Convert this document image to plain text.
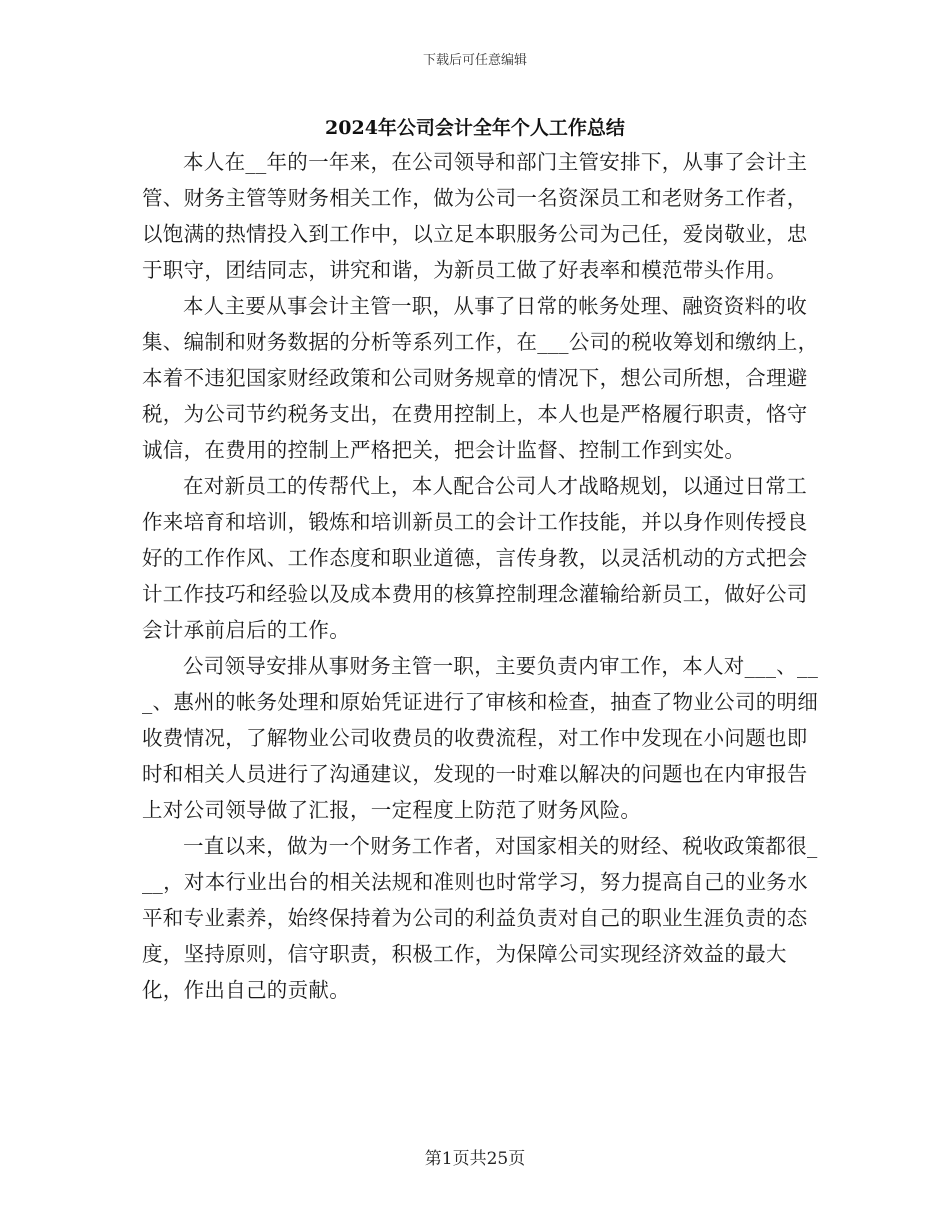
下载后可任意编辑
2024年公司会计全年个人工作总结

本人在__年的一年来，在公司领导和部门主管安排下，从事了会计主管、财务主管等财务相关工作，做为公司一名资深员工和老财务工作者，以饱满的热情投入到工作中，以立足本职服务公司为己任，爱岗敬业，忠于职守，团结同志，讲究和谐，为新员工做了好表率和模范带头作用。

本人主要从事会计主管一职，从事了日常的帐务处理、融资资料的收集、编制和财务数据的分析等系列工作，在___公司的税收筹划和缴纳上，本着不违犯国家财经政策和公司财务规章的情况下，想公司所想，合理避税，为公司节约税务支出，在费用控制上，本人也是严格履行职责，恪守诚信，在费用的控制上严格把关，把会计监督、控制工作到实处。

在对新员工的传帮代上，本人配合公司人才战略规划，以通过日常工作来培育和培训，锻炼和培训新员工的会计工作技能，并以身作则传授良好的工作作风、工作态度和职业道德，言传身教，以灵活机动的方式把会计工作技巧和经验以及成本费用的核算控制理念灌输给新员工，做好公司会计承前启后的工作。

公司领导安排从事财务主管一职，主要负责内审工作，本人对___、___、惠州的帐务处理和原始凭证进行了审核和检查，抽查了物业公司的明细收费情况，了解物业公司收费员的收费流程，对工作中发现在小问题也即时和相关人员进行了沟通建议，发现的一时难以解决的问题也在内审报告上对公司领导做了汇报，一定程度上防范了财务风险。

一直以来，做为一个财务工作者，对国家相关的财经、税收政策都很___，对本行业出台的相关法规和准则也时常学习，努力提高自己的业务水平和专业素养，始终保持着为公司的利益负责对自己的职业生涯负责的态度，坚持原则，信守职责，积极工作，为保障公司实现经济效益的最大化，作出自己的贡献。

第1页共25页
